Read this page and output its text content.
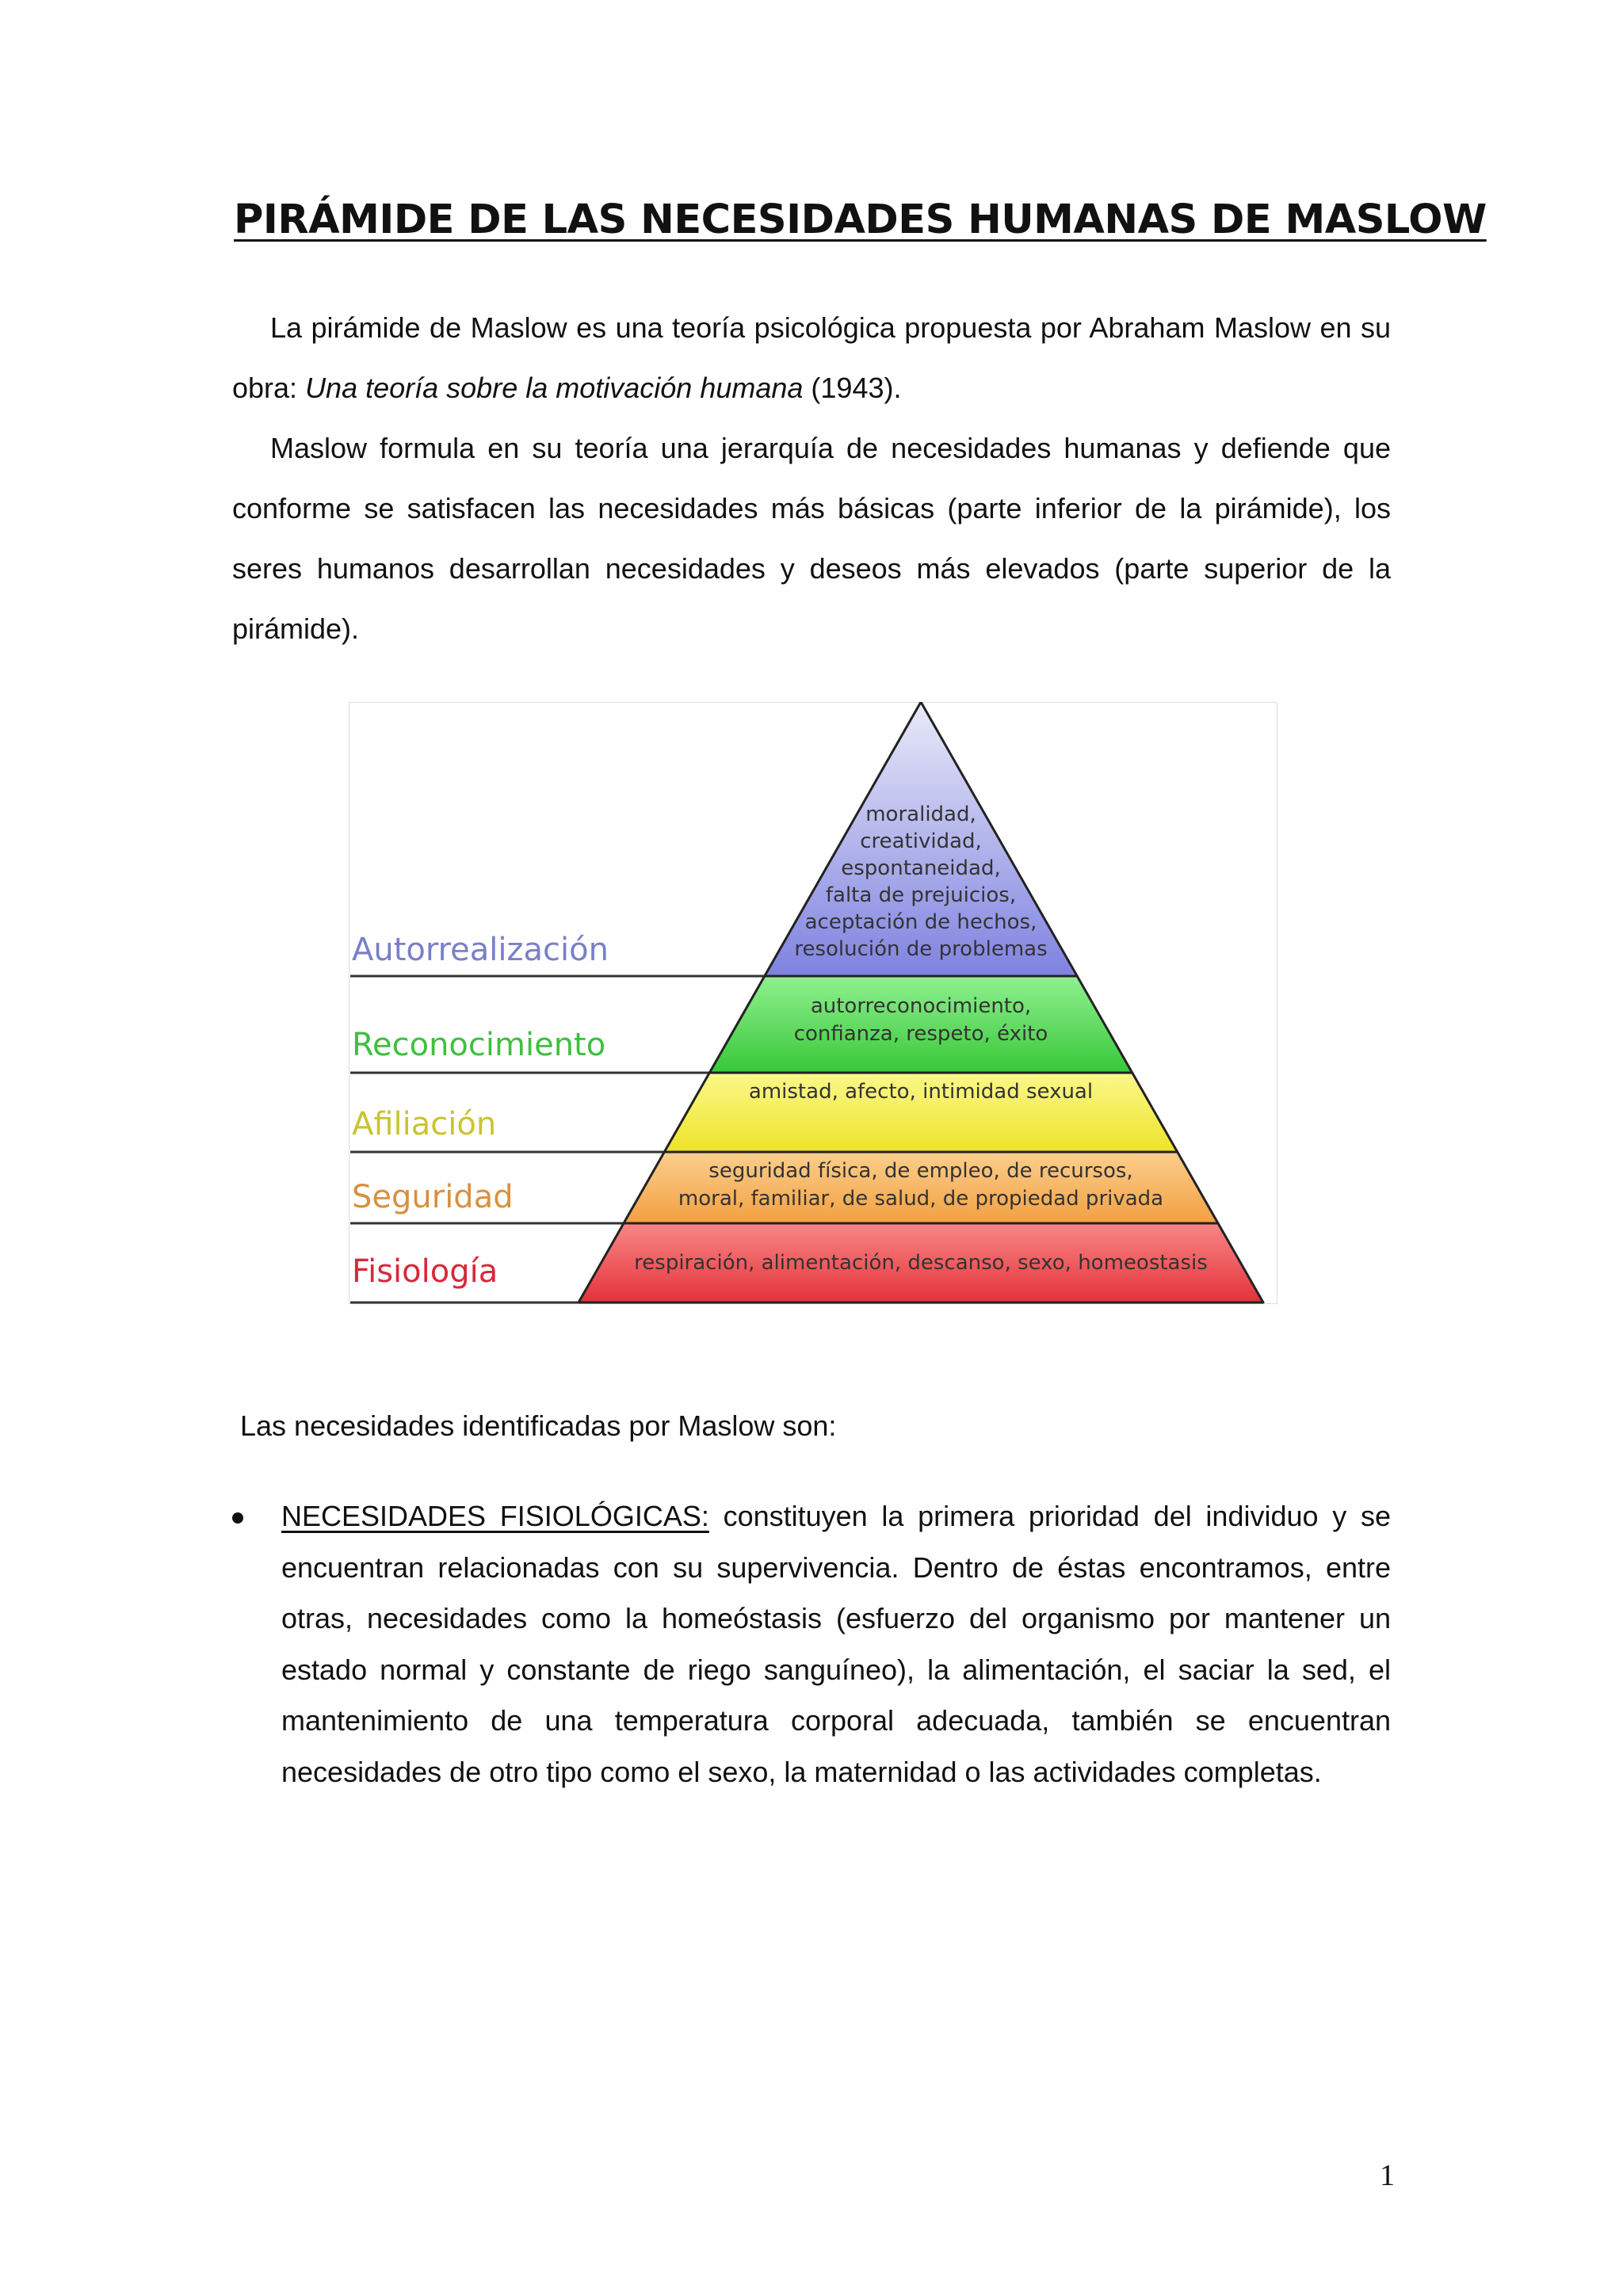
PIRÁMIDE DE LAS NECESIDADES HUMANAS DE MASLOW
La pirámide de Maslow es una teoría psicológica propuesta por Abraham Maslow en su obra: Una teoría sobre la motivación humana (1943).
Maslow formula en su teoría una jerarquía de necesidades humanas y defiende que conforme se satisfacen las necesidades más básicas (parte inferior de la pirámide), los seres humanos desarrollan necesidades y deseos más elevados (parte superior de la pirámide).
Autorrealización
moralidad,
creatividad,
espontaneidad,
falta de prejuicios,
aceptación de hechos,
resolución de problemas
Reconocimiento
autorreconocimiento,
confianza, respeto, éxito
Afiliación
amistad, afecto, intimidad sexual
Seguridad
seguridad física, de empleo, de recursos,
moral, familiar, de salud, de propiedad privada
Fisiología	respiración, alimentación, descanso, sexo, homeostasis
Las necesidades identificadas por Maslow son:
NECESIDADES FISIOLÓGICAS: constituyen la primera prioridad del individuo y se encuentran relacionadas con su supervivencia. Dentro de éstas encontramos, entre otras, necesidades como la homeóstasis (esfuerzo del organismo por mantener un estado normal y constante de riego sanguíneo), la alimentación, el saciar la sed, el mantenimiento de una temperatura corporal adecuada, también se encuentran necesidades de otro tipo como el sexo, la maternidad o las actividades completas.
1
